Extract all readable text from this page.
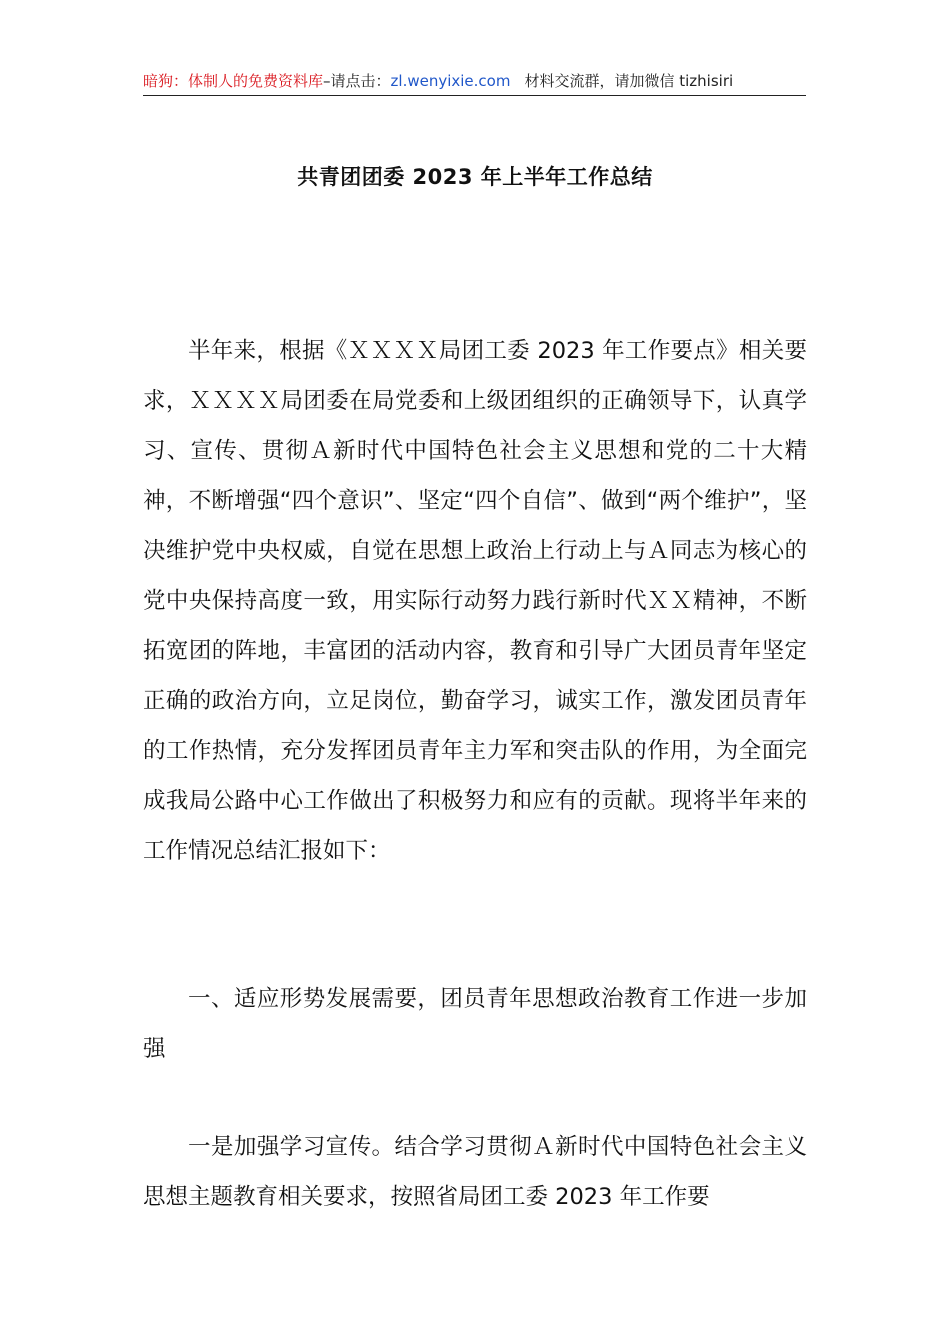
暗狗：体制人的免费资料库–请点击：zl.wenyixie.com 材料交流群，请加微信 tizhisiri
共青团团委 2023 年上半年工作总结

半年来，根据《ＸＸＸＸ局团工委 2023 年工作要点》相关要求，ＸＸＸＸ局团委在局党委和上级团组织的正确领导下，认真学习、宣传、贯彻Ａ新时代中国特色社会主义思想和党的二十大精神，不断增强“四个意识”、坚定“四个自信”、做到“两个维护”，坚决维护党中央权威，自觉在思想上政治上行动上与Ａ同志为核心的党中央保持高度一致，用实际行动努力践行新时代ＸＸ精神，不断拓宽团的阵地，丰富团的活动内容，教育和引导广大团员青年坚定正确的政治方向，立足岗位，勤奋学习，诚实工作，激发团员青年的工作热情，充分发挥团员青年主力军和突击队的作用，为全面完成我局公路中心工作做出了积极努力和应有的贡献。现将半年来的工作情况总结汇报如下：

一、适应形势发展需要，团员青年思想政治教育工作进一步加强

一是加强学习宣传。结合学习贯彻Ａ新时代中国特色社会主义思想主题教育相关要求，按照省局团工委 2023 年工作要
